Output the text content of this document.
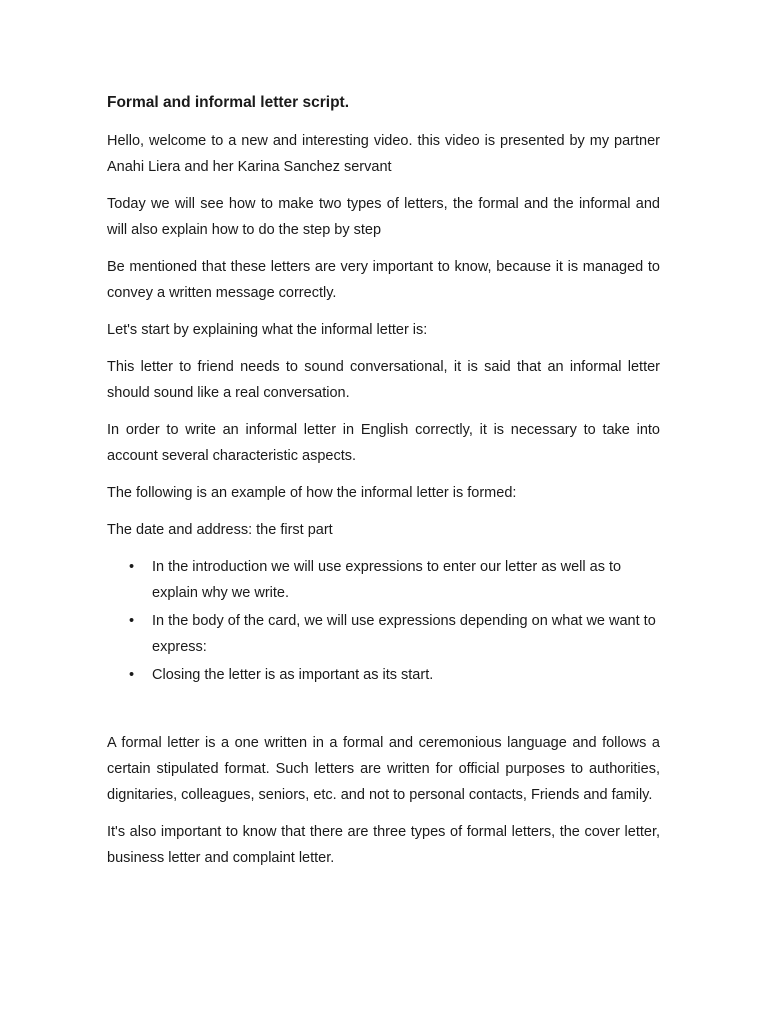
Formal and informal letter script.

Hello, welcome to a new and interesting video. this video is presented by my partner Anahi Liera and her Karina Sanchez servant

Today we will see how to make two types of letters, the formal and the informal and will also explain how to do the step by step

Be mentioned that these letters are very important to know, because it is managed to convey a written message correctly.

Let's start by explaining what the informal letter is:

This letter to friend needs to sound conversational, it is said that an informal letter should sound like a real conversation.

In order to write an informal letter in English correctly, it is necessary to take into account several characteristic aspects.

The following is an example of how the informal letter is formed:

The date and address: the first part

• In the introduction we will use expressions to enter our letter as well as to explain why we write.
• In the body of the card, we will use expressions depending on what we want to express:
• Closing the letter is as important as its start.

A formal letter is a one written in a formal and ceremonious language and follows a certain stipulated format. Such letters are written for official purposes to authorities, dignitaries, colleagues, seniors, etc. and not to personal contacts, Friends and family.

It's also important to know that there are three types of formal letters, the cover letter, business letter and complaint letter.
